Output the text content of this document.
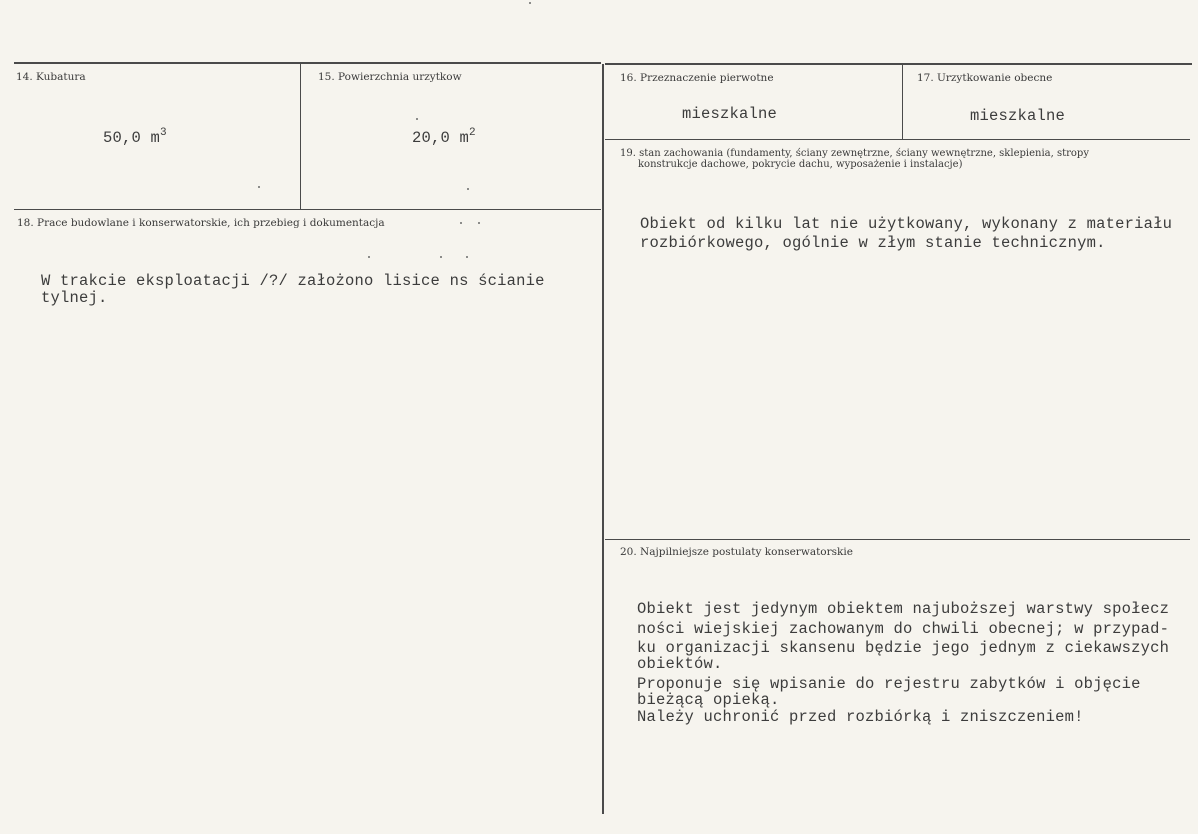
14. Kubatura
50,0 $m^3$
15. Powierzchnia urzytkow
20,0 $m^2$
16. Przeznaczenie pierwotne
mieszkalne
17. Urzytkowanie obecne
mieszkalne
18. Prace budowlane i konserwatorskie, ich przebieg i dokumentacja
W trakcie eksploatacji /?/ założono lisice ns ścianie
tylnej.
19. stan zachowania (fundamenty, ściany zewnętrzne, ściany wewnętrzne, sklepienia, stropy
konstrukcje dachowe, pokrycie dachu, wyposażenie i instalacje)
Obiekt od kilku lat nie użytkowany, wykonany z materiału
rozbiórkowego, ogólnie w złym stanie technicznym.
20. Najpilniejsze postulaty konserwatorskie
Obiekt jest jedynym obiektem najuboższej warstwy społecz
ności wiejskiej zachowanym do chwili obecnej; w przypad-
ku organizacji skansenu będzie jego jednym z ciekawszych
obiektów.
Proponuje się wpisanie do rejestru zabytków i objęcie
bieżącą opieką.
Należy uchronić przed rozbiórką i zniszczeniem!
